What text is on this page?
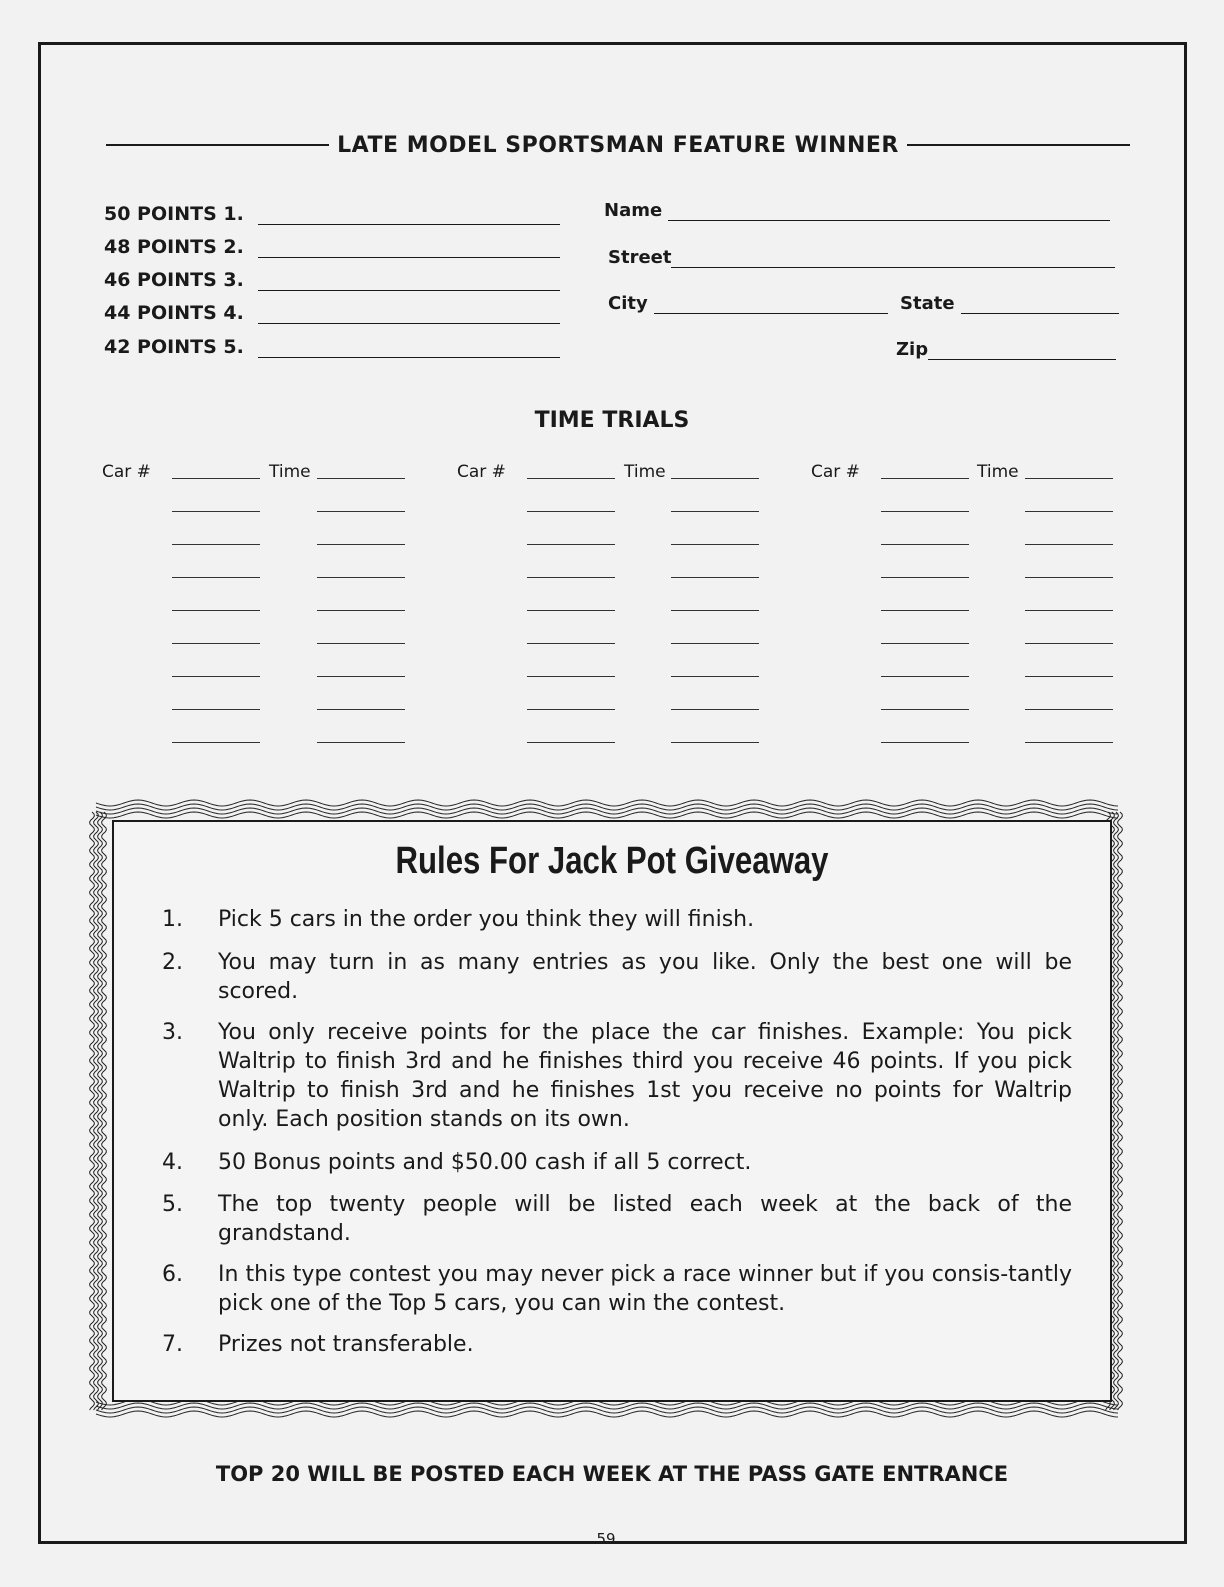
LATE MODEL SPORTSMAN FEATURE WINNER
50 POINTS 1.
48 POINTS 2.
46 POINTS 3.
44 POINTS 4.
42 POINTS 5.
Name
Street
City	State
Zip
TIME TRIALS
Car #	Time	Car #	Time	Car #	Time
Rules For Jack Pot Giveaway
1.	Pick 5 cars in the order you think they will finish.
2.	You may turn in as many entries as you like. Only the best one will be scored.
3.	You only receive points for the place the car finishes. Example: You pick Waltrip to finish 3rd and he finishes third you receive 46 points. If you pick Waltrip to finish 3rd and he finishes 1st you receive no points for Waltrip only. Each position stands on its own.
4.	50 Bonus points and $50.00 cash if all 5 correct.
5.	The top twenty people will be listed each week at the back of the grandstand.
6.	In this type contest you may never pick a race winner but if you consis-tantly pick one of the Top 5 cars, you can win the contest.
7.	Prizes not transferable.
TOP 20 WILL BE POSTED EACH WEEK AT THE PASS GATE ENTRANCE
59
